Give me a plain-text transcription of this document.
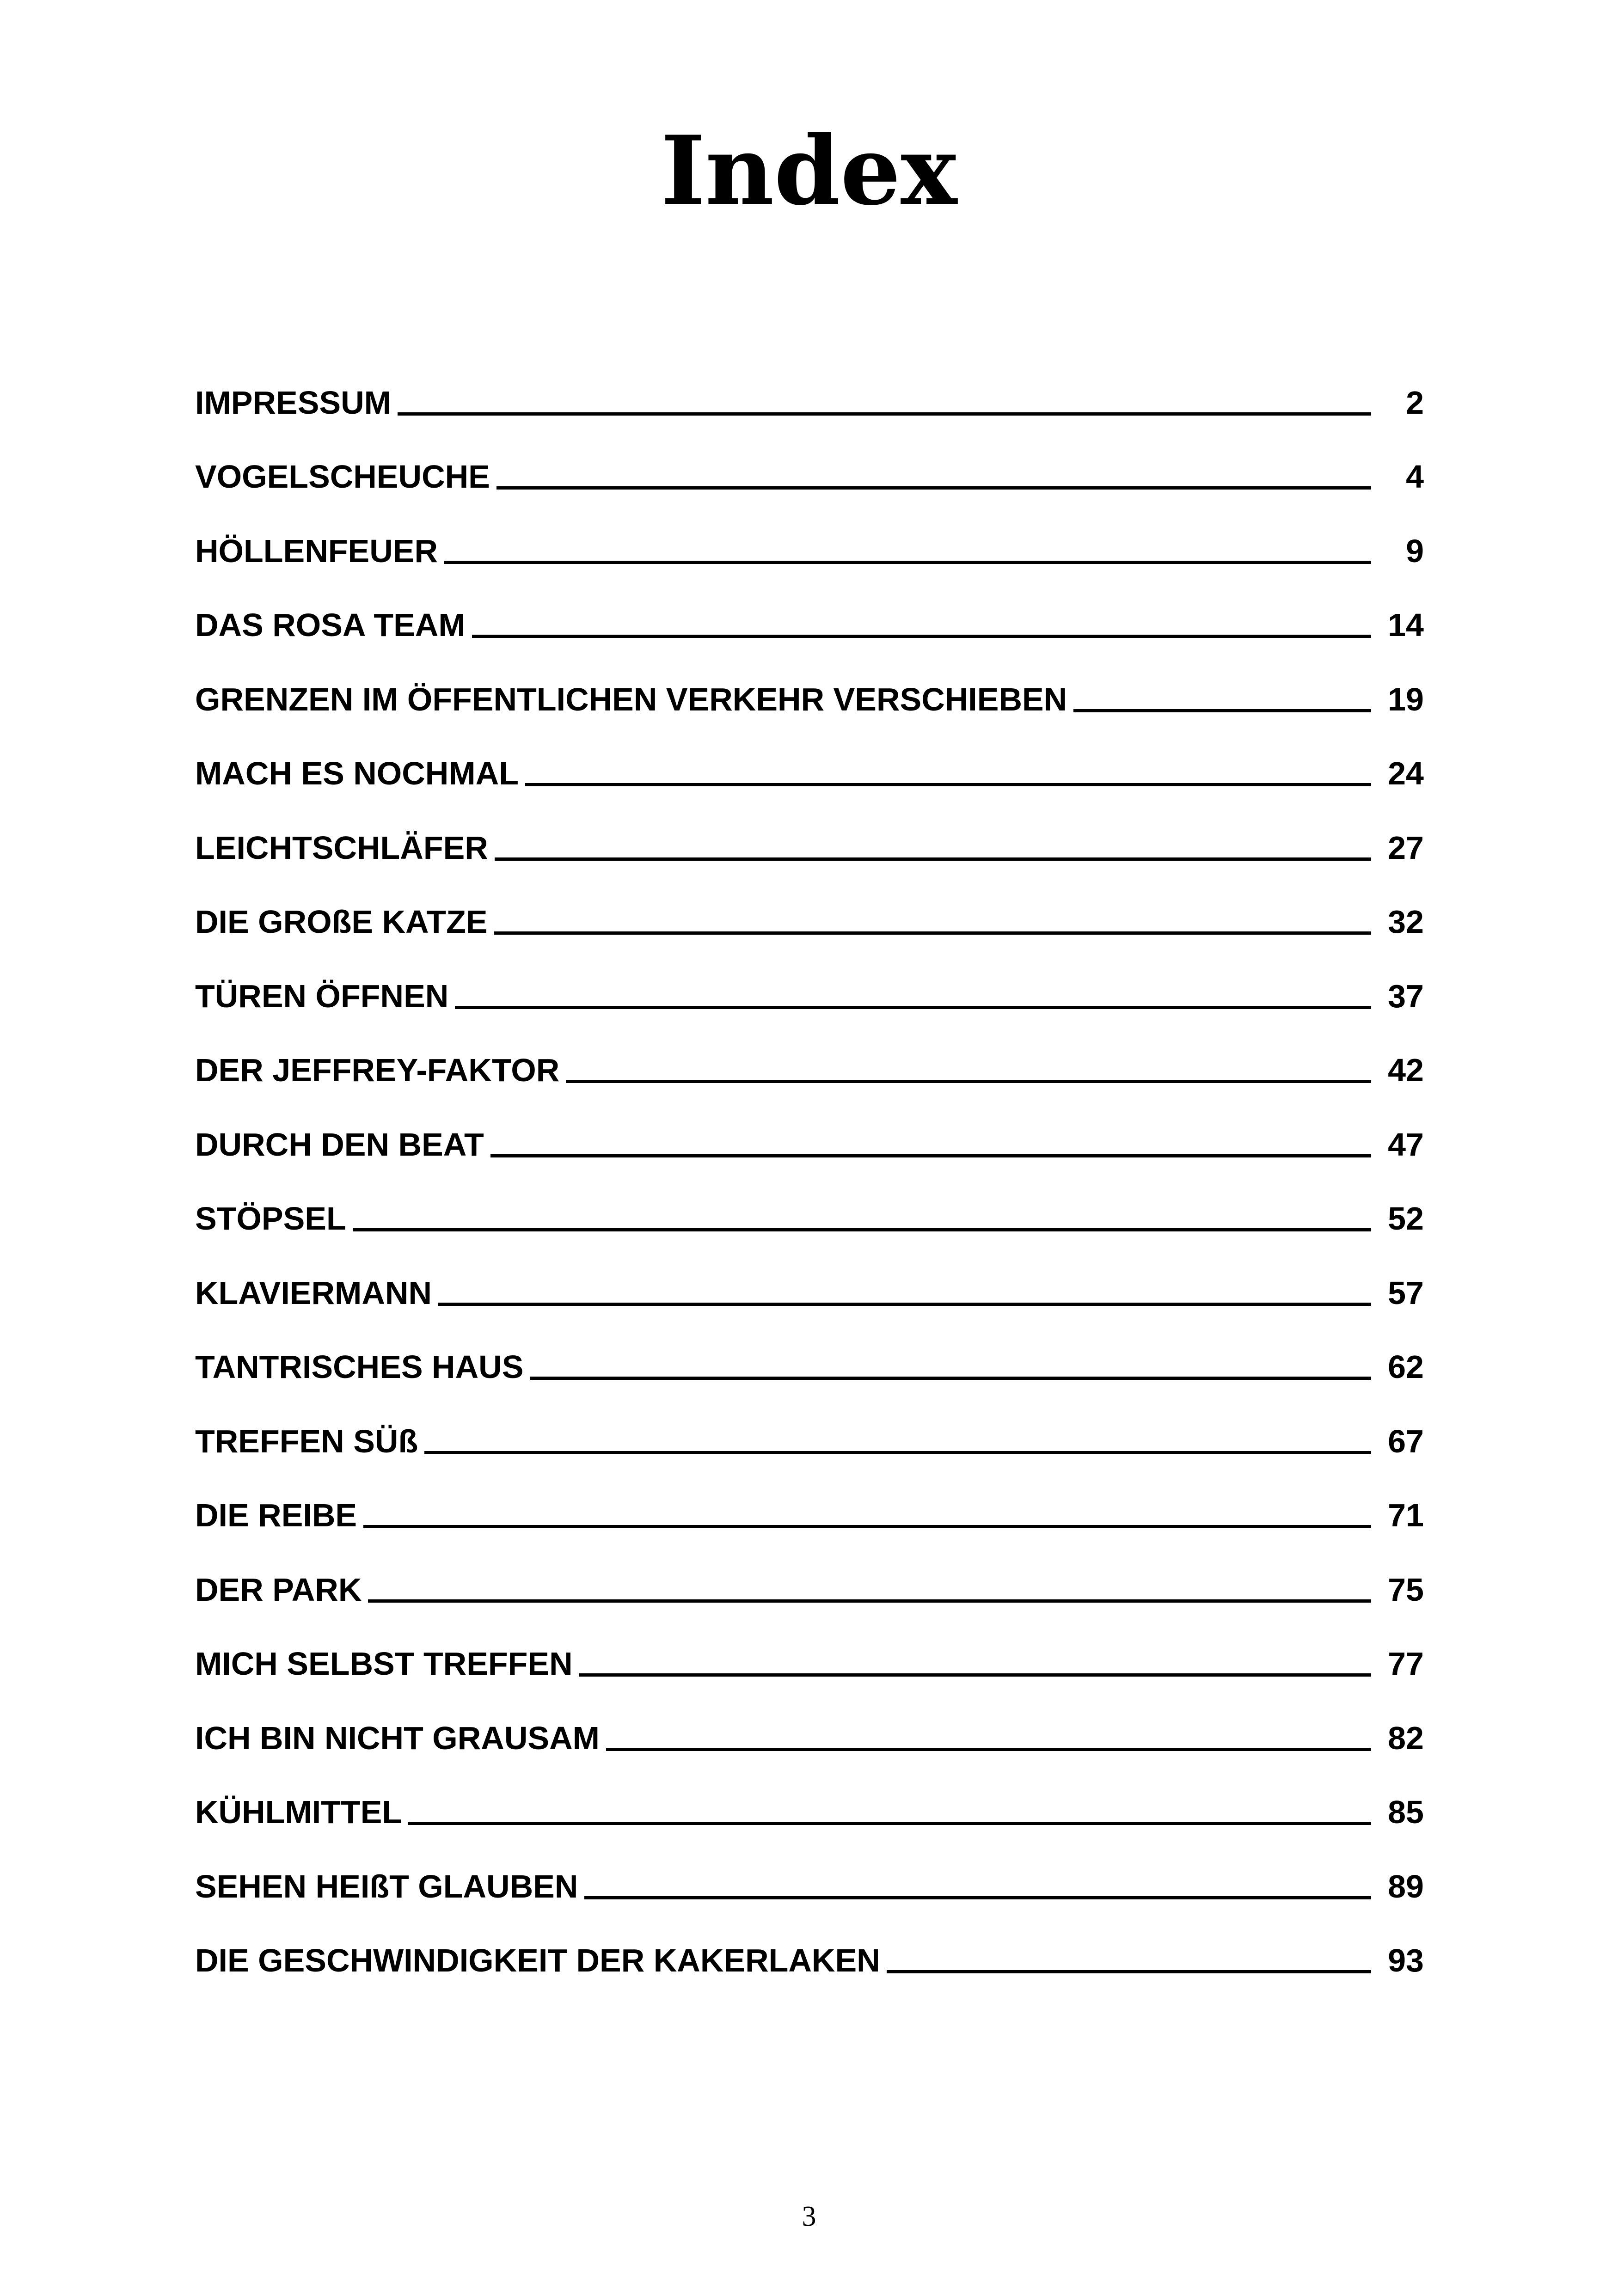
Index
IMPRESSUM	2
VOGELSCHEUCHE	4
HÖLLENFEUER	9
DAS ROSA TEAM	14
GRENZEN IM ÖFFENTLICHEN VERKEHR VERSCHIEBEN	19
MACH ES NOCHMAL	24
LEICHTSCHLÄFER	27
DIE GROßE KATZE	32
TÜREN ÖFFNEN	37
DER JEFFREY-FAKTOR	42
DURCH DEN BEAT	47
STÖPSEL	52
KLAVIERMANN	57
TANTRISCHES HAUS	62
TREFFEN SÜß	67
DIE REIBE	71
DER PARK	75
MICH SELBST TREFFEN	77
ICH BIN NICHT GRAUSAM	82
KÜHLMITTEL	85
SEHEN HEIßT GLAUBEN	89
DIE GESCHWINDIGKEIT DER KAKERLAKEN	93
3
